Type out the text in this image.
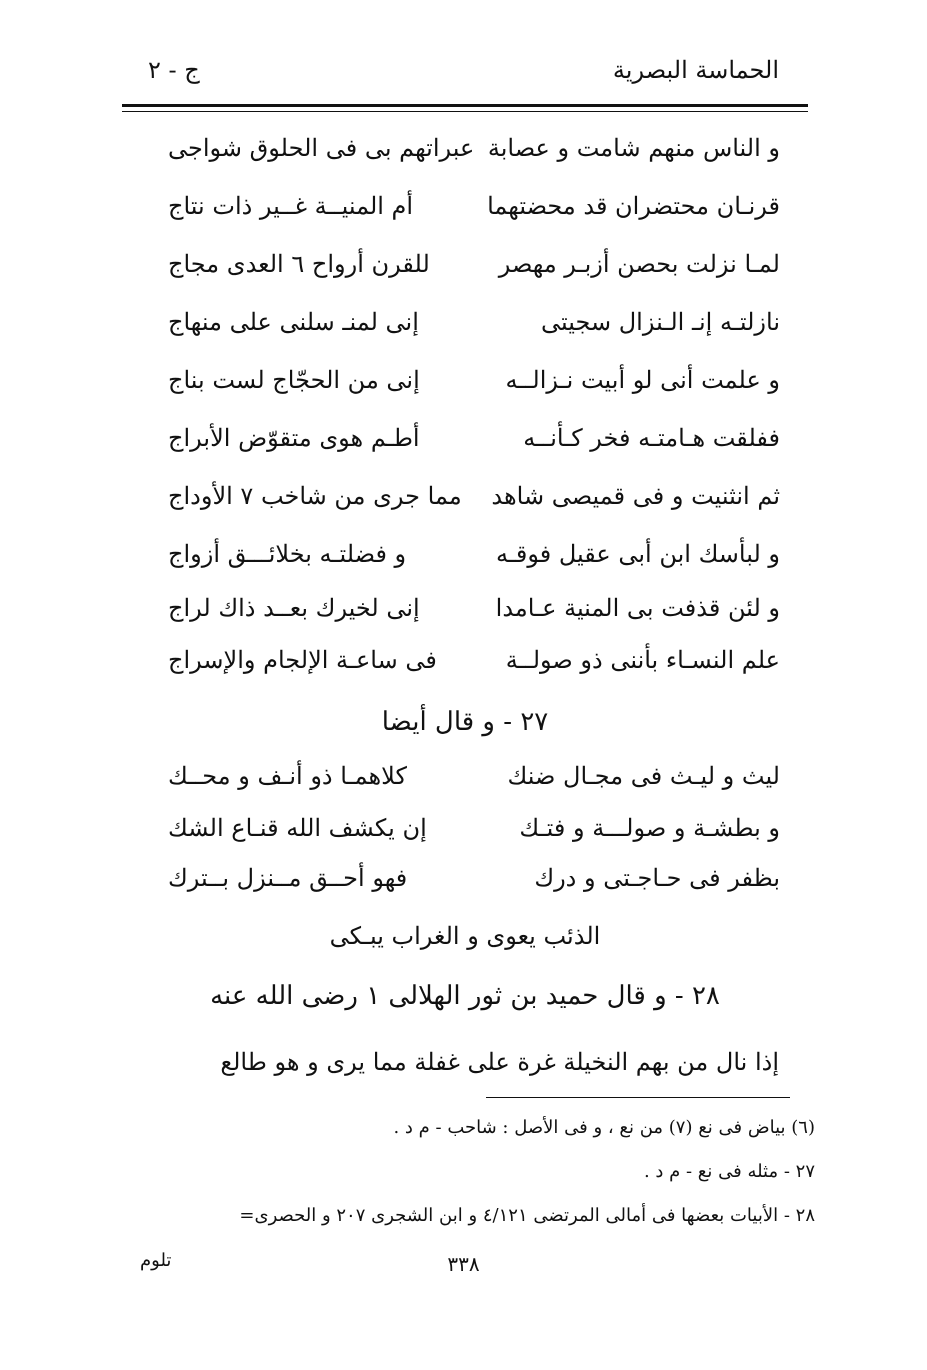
الحماسة البصرية
ج - ٢
و الناس منهم شامت و عصابة
عبراتهم بى فى الحلوق شواجى
قرنـان محتضران قد محضتهما
أم المنيــة غــير ذات نتاج
لمـا نزلت بحصن أزبـر مهصر
للقرن أرواح ٦ العدى مجاج
نازلتـه إنـ الـنزال سجيتى
إنى لمنـ سلنى على منهاج
و علمت أنى لو أبيت نـزالــه
إنى من الحجّاج لست بناج
ففلقت هـامتـه فخر كـأنــه
أطـم هوى متقوّض الأبراج
ثم انثنيت و فى قميصى شاهد
مما جرى من شاخب ٧ الأوداج
و لبأسك ابن أبى عقيل فوقـه
و فضلتـه بخلائـــق أزواج
و لئن قذفت بى المنية عـامدا
إنى لخيرك بعــد ذاك لراج
علم النسـاء بأننى ذو صولــة
فى ساعـة الإلجام والإسراج
٢٧ - و قال أيضا
ليث و ليـث فى مجـال ضنك
كلاهمـا ذو أنـف و محــك
و بطشـة و صولـــة و فتـك
إن يكشف الله قنـاع الشك
بظفر فى حـاجـتى و درك
فهو أحــق مــنزل بــترك
الذئب يعوى و الغراب يبـكى
٢٨ - و قال حميد بن ثور الهلالى ١ رضى الله عنه
إذا نال من بهم النخيلة غرة على غفلة مما يرى و هو طالع
(٦) بياض فى نع (٧) من نع ، و فى الأصل : شاحب - م د .
٢٧ - مثله فى نع - م د .
٢٨ - الأبيات بعضها فى أمالى المرتضى ٤/١٢١ و ابن الشجرى ٢٠٧ و الحصرى=
تلوم	٣٣٨
